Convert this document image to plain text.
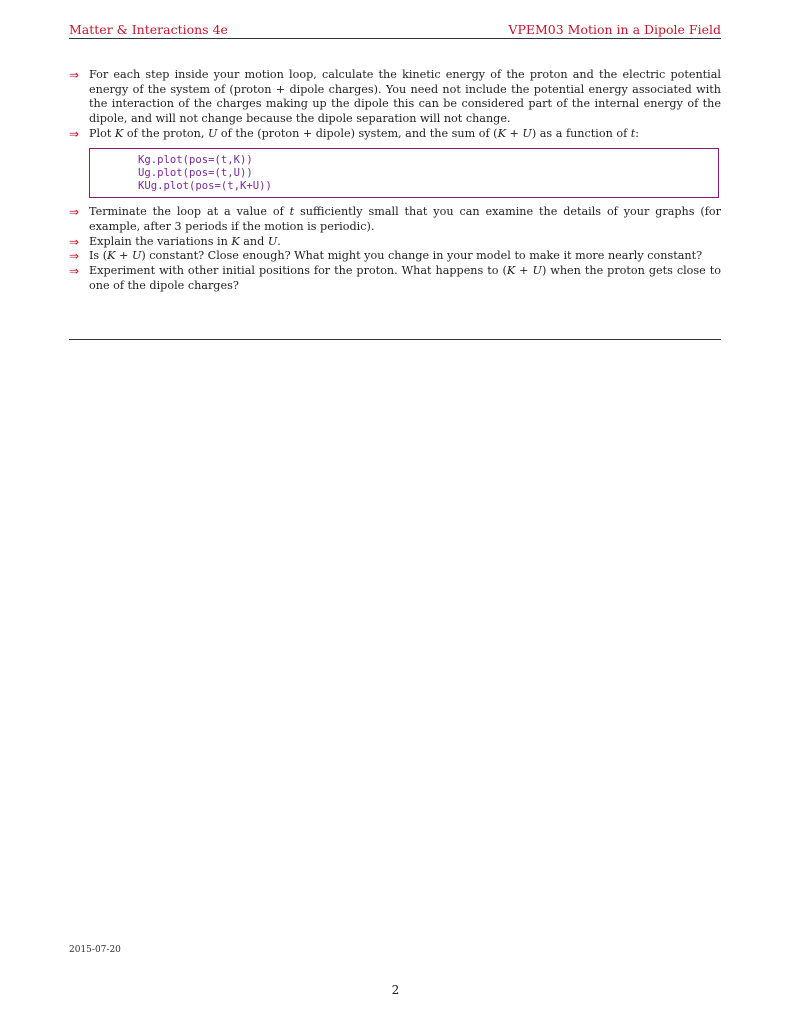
Matter & Interactions 4e	VPEM03 Motion in a Dipole Field
⇒ For each step inside your motion loop, calculate the kinetic energy of the proton and the electric potential energy of the system of (proton + dipole charges). You need not include the potential energy associated with the interaction of the charges making up the dipole this can be considered part of the internal energy of the dipole, and will not change because the dipole separation will not change.
⇒ Plot K of the proton, U of the (proton + dipole) system, and the sum of (K + U) as a function of t:
Kg.plot(pos=(t,K))
Ug.plot(pos=(t,U))
KUg.plot(pos=(t,K+U))
⇒ Terminate the loop at a value of t sufficiently small that you can examine the details of your graphs (for example, after 3 periods if the motion is periodic).
⇒ Explain the variations in K and U.
⇒ Is (K + U) constant? Close enough? What might you change in your model to make it more nearly constant?
⇒ Experiment with other initial positions for the proton. What happens to (K + U) when the proton gets close to one of the dipole charges?
2015-07-20
2
